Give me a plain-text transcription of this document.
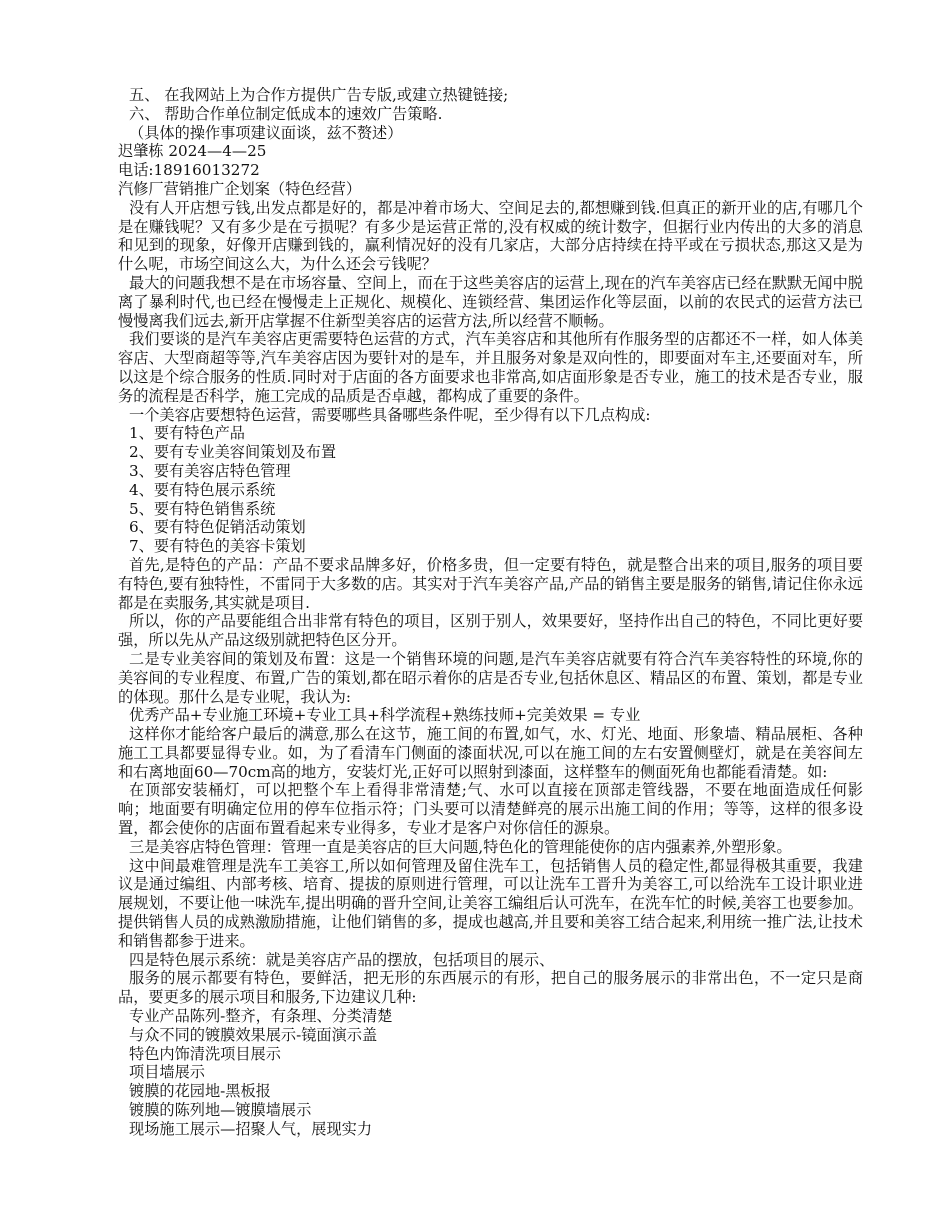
五、 在我网站上为合作方提供广告专版,或建立热键链接;

六、 帮助合作单位制定低成本的速效广告策略.

（具体的操作事项建议面谈，兹不赘述）

迟肇栋 2024—4—25

电话:18916013272

汽修厂营销推广企划案（特色经营）

没有人开店想亏钱,出发点都是好的，都是冲着市场大、空间足去的,都想赚到钱.但真正的新开业的店,有哪几个是在赚钱呢？又有多少是在亏损呢？有多少是运营正常的,没有权威的统计数字，但据行业内传出的大多的消息和见到的现象，好像开店赚到钱的，赢利情况好的没有几家店，大部分店持续在持平或在亏损状态,那这又是为什么呢，市场空间这么大，为什么还会亏钱呢？

最大的问题我想不是在市场容量、空间上，而在于这些美容店的运营上,现在的汽车美容店已经在默默无闻中脱离了暴利时代,也已经在慢慢走上正规化、规模化、连锁经营、集团运作化等层面，以前的农民式的运营方法已慢慢离我们远去,新开店掌握不住新型美容店的运营方法,所以经营不顺畅。

我们要谈的是汽车美容店更需要特色运营的方式，汽车美容店和其他所有作服务型的店都还不一样，如人体美容店、大型商超等等,汽车美容店因为要针对的是车，并且服务对象是双向性的，即要面对车主,还要面对车，所以这是个综合服务的性质.同时对于店面的各方面要求也非常高,如店面形象是否专业，施工的技术是否专业，服务的流程是否科学，施工完成的品质是否卓越，都构成了重要的条件。

一个美容店要想特色运营，需要哪些具备哪些条件呢，至少得有以下几点构成:

1、要有特色产品

2、要有专业美容间策划及布置

3、要有美容店特色管理

4、要有特色展示系统

5、要有特色销售系统

6、要有特色促销活动策划

7、要有特色的美容卡策划

首先,是特色的产品：产品不要求品牌多好，价格多贵，但一定要有特色，就是整合出来的项目,服务的项目要有特色,要有独特性，不雷同于大多数的店。其实对于汽车美容产品,产品的销售主要是服务的销售,请记住你永远都是在卖服务,其实就是项目.

所以，你的产品要能组合出非常有特色的项目，区别于别人，效果要好，坚持作出自己的特色，不同比更好要强，所以先从产品这级别就把特色区分开。

二是专业美容间的策划及布置：这是一个销售环境的问题,是汽车美容店就要有符合汽车美容特性的环境,你的美容间的专业程度、布置,广告的策划,都在昭示着你的店是否专业,包括休息区、精品区的布置、策划，都是专业的体现。那什么是专业呢，我认为:

优秀产品+专业施工环境+专业工具+科学流程+熟练技师+完美效果 = 专业

这样你才能给客户最后的满意,那么在这节，施工间的布置,如气，水、灯光、地面、形象墙、精品展柜、各种施工工具都要显得专业。如，为了看清车门侧面的漆面状况,可以在施工间的左右安置侧壁灯，就是在美容间左和右离地面60—70cm高的地方，安装灯光,正好可以照射到漆面，这样整车的侧面死角也都能看清楚。如:

在顶部安装桶灯，可以把整个车上看得非常清楚;气、水可以直接在顶部走管线器，不要在地面造成任何影响；地面要有明确定位用的停车位指示符；门头要可以清楚鲜亮的展示出施工间的作用；等等，这样的很多设置，都会使你的店面布置看起来专业得多，专业才是客户对你信任的源泉。

三是美容店特色管理：管理一直是美容店的巨大问题,特色化的管理能使你的店内强素养,外塑形象。

这中间最难管理是洗车工美容工,所以如何管理及留住洗车工，包括销售人员的稳定性,都显得极其重要，我建议是通过编组、内部考核、培育、提拔的原则进行管理，可以让洗车工晋升为美容工,可以给洗车工设计职业进展规划，不要让他一味洗车,提出明确的晋升空间,让美容工编组后认可洗车，在洗车忙的时候,美容工也要参加。提供销售人员的成熟激励措施，让他们销售的多，提成也越高,并且要和美容工结合起来,利用统一推广法,让技术和销售都参于进来。

四是特色展示系统：就是美容店产品的摆放，包括项目的展示、

服务的展示都要有特色，要鲜活，把无形的东西展示的有形，把自己的服务展示的非常出色，不一定只是商品，要更多的展示项目和服务,下边建议几种:

专业产品陈列-整齐，有条理、分类清楚

与众不同的镀膜效果展示-镜面演示盖

特色内饰清洗项目展示

项目墙展示

镀膜的花园地-黑板报

镀膜的陈列地—镀膜墙展示

现场施工展示—招聚人气，展现实力
